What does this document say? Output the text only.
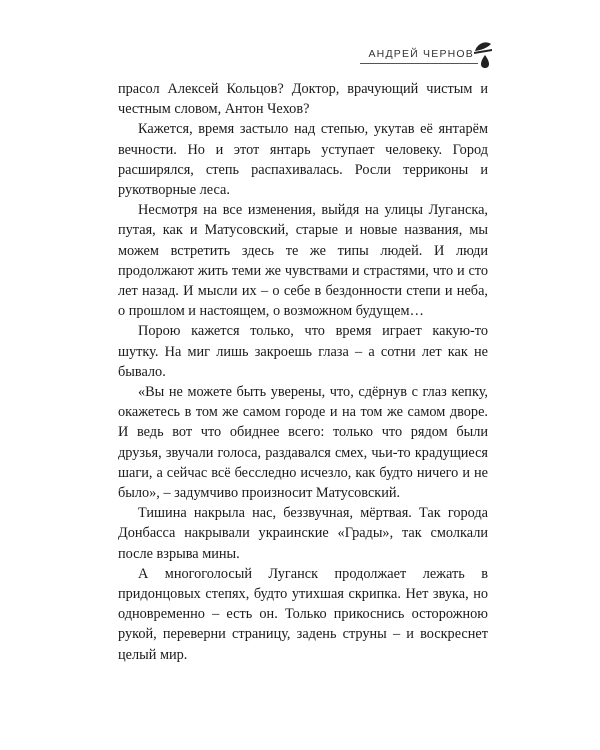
АНДРЕЙ ЧЕРНОВ

прасол Алексей Кольцов? Доктор, врачующий чистым и честным словом, Антон Чехов?

Кажется, время застыло над степью, укутав её янтарём вечности. Но и этот янтарь уступает человеку. Город расширялся, степь распахивалась. Росли терриконы и рукотворные леса.

Несмотря на все изменения, выйдя на улицы Луганска, путая, как и Матусовский, старые и новые названия, мы можем встретить здесь те же типы людей. И люди продолжают жить теми же чувствами и страстями, что и сто лет назад. И мысли их – о себе в бездонности степи и неба, о прошлом и настоящем, о возможном будущем…

Порою кажется только, что время играет какую-то шутку. На миг лишь закроешь глаза – а сотни лет как не бывало.

«Вы не можете быть уверены, что, сдёрнув с глаз кепку, окажетесь в том же самом городе и на том же самом дворе. И ведь вот что обиднее всего: только что рядом были друзья, звучали голоса, раздавался смех, чьи-то крадущиеся шаги, а сейчас всё бесследно исчезло, как будто ничего и не было», – задумчиво произносит Матусовский.

Тишина накрыла нас, беззвучная, мёртвая. Так города Донбасса накрывали украинские «Грады», так смолкали после взрыва мины.

А многоголосый Луганск продолжает лежать в придонцовых степях, будто утихшая скрипка. Нет звука, но одновременно – есть он. Только прикоснись осторожною рукой, переверни страницу, задень струны – и воскреснет целый мир.
